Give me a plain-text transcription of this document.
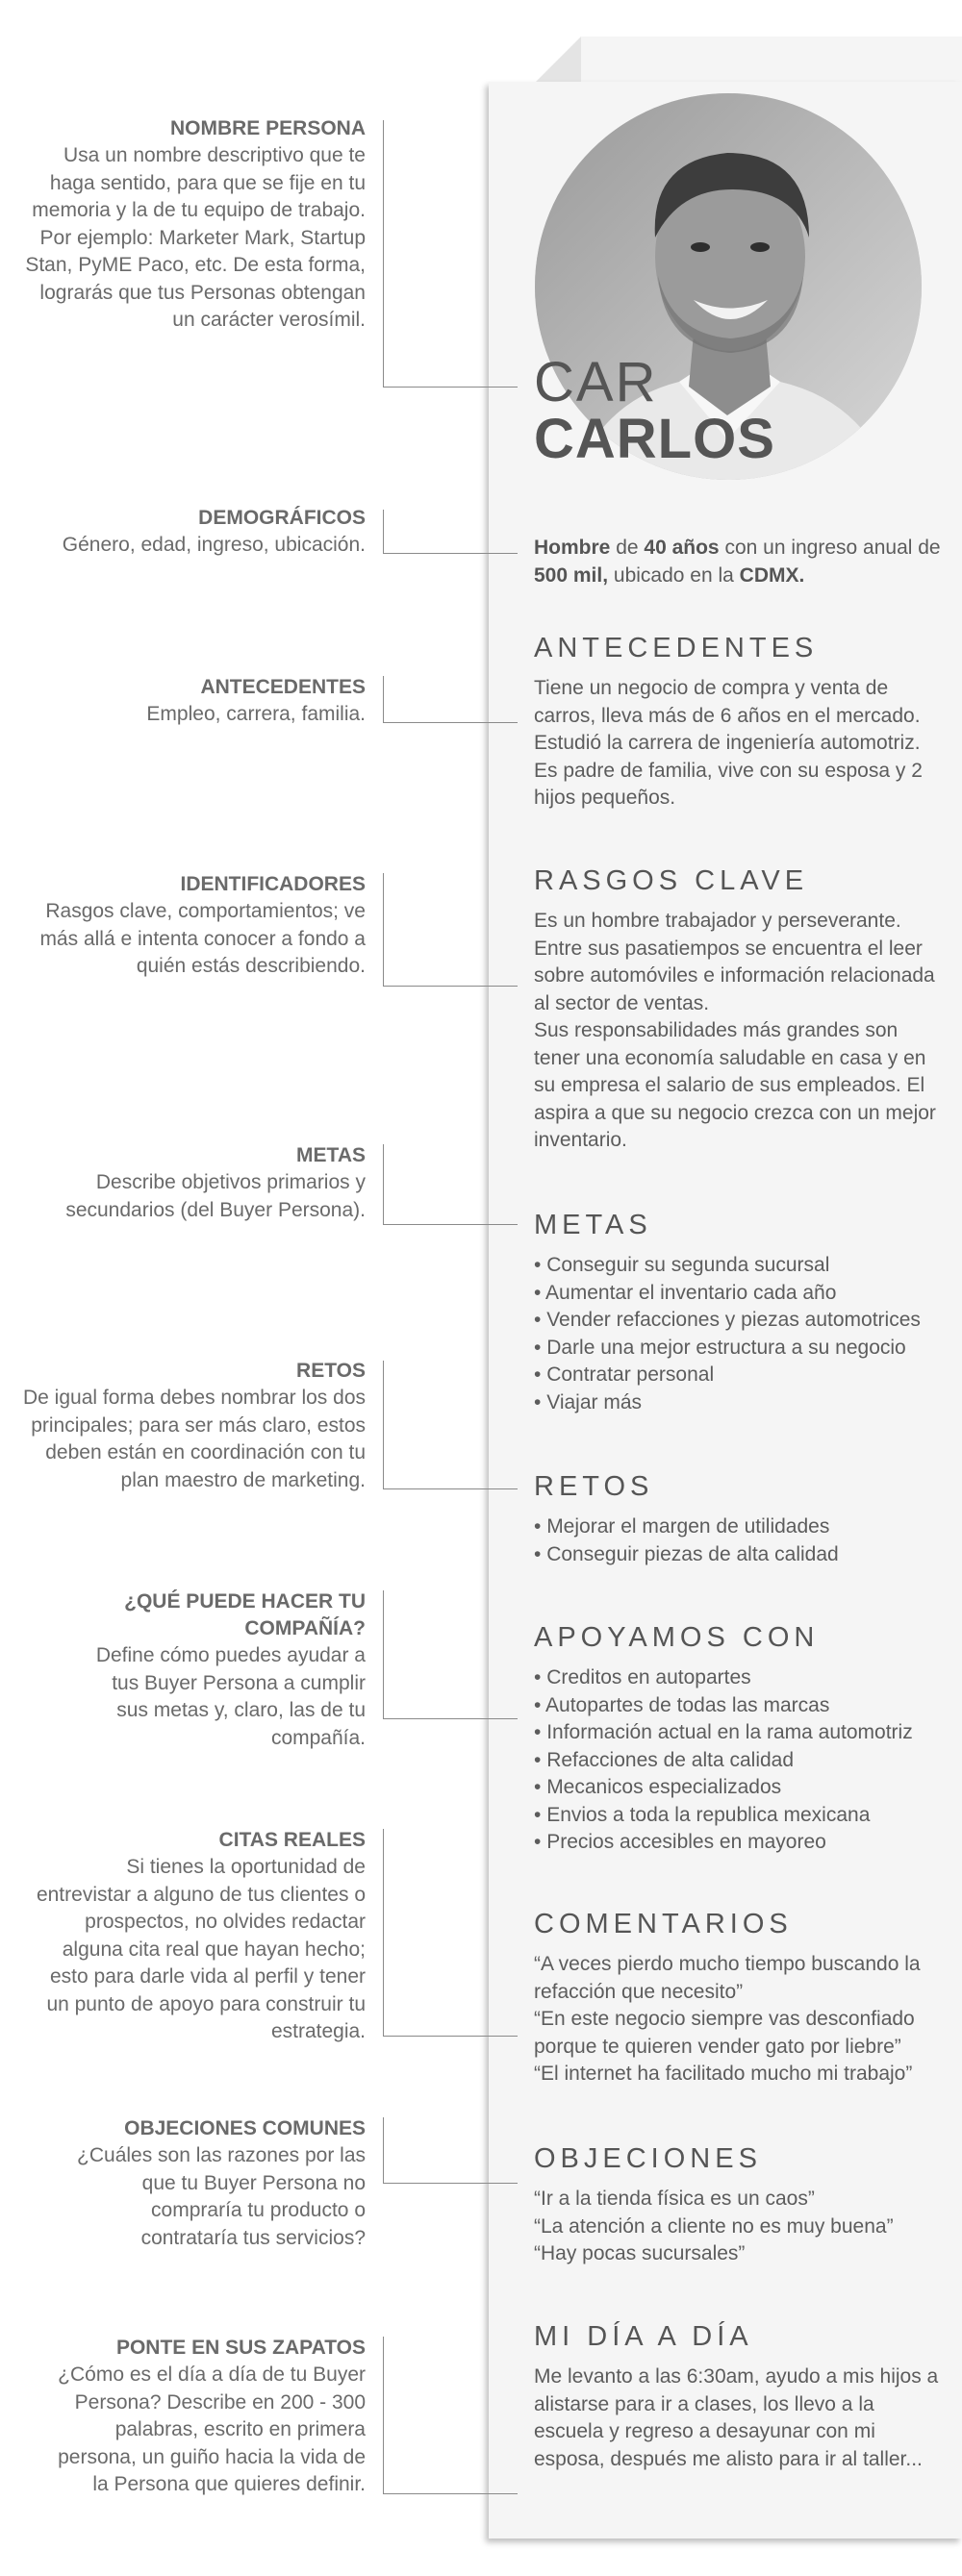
CAR
CARLOS
Hombre de 40 años con un ingreso anual de 500 mil, ubicado en la CDMX.
ANTECEDENTES
Tiene un negocio de compra y venta de carros, lleva más de 6 años en el mercado. Estudió la carrera de ingeniería automotriz. Es padre de familia, vive con su esposa y 2 hijos pequeños.
RASGOS CLAVE
Es un hombre trabajador y perseverante. Entre sus pasatiempos se encuentra el leer sobre automóviles e información relacionada al sector de ventas.
Sus responsabilidades más grandes son tener una economía saludable en casa y en su empresa el salario de sus empleados. El aspira a que su negocio crezca con un mejor inventario.
METAS
• Conseguir su segunda sucursal
• Aumentar el inventario cada año
• Vender refacciones y piezas automotrices
• Darle una mejor estructura a su negocio
• Contratar personal
• Viajar más
RETOS
• Mejorar el margen de utilidades
• Conseguir piezas de alta calidad
APOYAMOS CON
• Creditos en autopartes
• Autopartes de todas las marcas
• Información actual en la rama automotriz
• Refacciones de alta calidad
• Mecanicos especializados
• Envios a toda la republica mexicana
• Precios accesibles en mayoreo
COMENTARIOS
“A veces pierdo mucho tiempo buscando la refacción que necesito”
“En este negocio siempre vas desconfiado porque te quieren vender gato por liebre”
“El internet ha facilitado mucho mi trabajo”
OBJECIONES
“Ir a la tienda física es un caos”
“La atención a cliente no es muy buena”
“Hay pocas sucursales”
MI DÍA A DÍA
Me levanto a las 6:30am, ayudo a mis hijos a alistarse para ir a clases, los llevo a la escuela y regreso a desayunar con mi esposa, después me alisto para ir al taller...
NOMBRE PERSONA
Usa un nombre descriptivo que te haga sentido, para que se fije en tu memoria y la de tu equipo de trabajo. Por ejemplo: Marketer Mark, Startup Stan, PyME Paco, etc. De esta forma, lograrás que tus Personas obtengan un carácter verosímil.
DEMOGRÁFICOS
Género, edad, ingreso, ubicación.
ANTECEDENTES
Empleo, carrera, familia.
IDENTIFICADORES
Rasgos clave, comportamientos; ve más allá e intenta conocer a fondo a quién estás describiendo.
METAS
Describe objetivos primarios y secundarios (del Buyer Persona).
RETOS
De igual forma debes nombrar los dos principales; para ser más claro, estos deben están en coordinación con tu plan maestro de marketing.
¿QUÉ PUEDE HACER TU COMPAÑÍA?
Define cómo puedes ayudar a tus Buyer Persona a cumplir sus metas y, claro, las de tu compañía.
CITAS REALES
Si tienes la oportunidad de entrevistar a alguno de tus clientes o prospectos, no olvides redactar alguna cita real que hayan hecho; esto para darle vida al perfil y tener un punto de apoyo para construir tu estrategia.
OBJECIONES COMUNES
¿Cuáles son las razones por las que tu Buyer Persona no compraría tu producto o contrataría tus servicios?
PONTE EN SUS ZAPATOS
¿Cómo es el día a día de tu Buyer Persona? Describe en 200 - 300 palabras, escrito en primera persona, un guiño hacia la vida de la Persona que quieres definir.
